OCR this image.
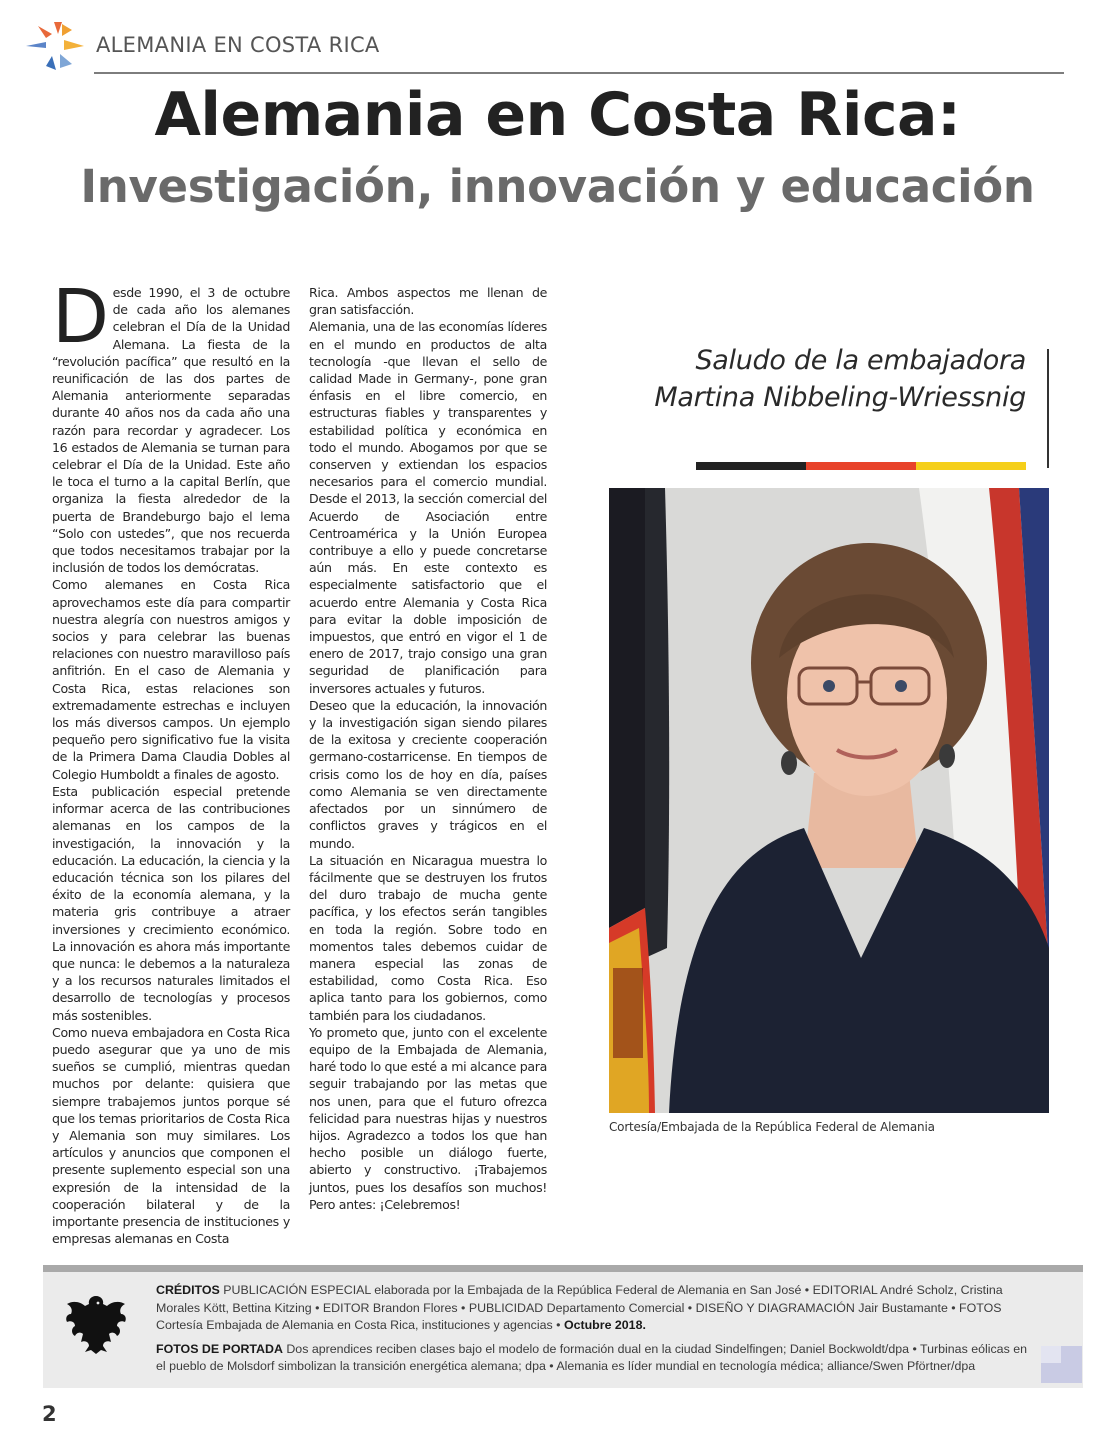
ALEMANIA EN COSTA RICA
Alemania en Costa Rica:
Investigación, innovación y educación

Desde 1990, el 3 de octubre de cada año los alemanes celebran el Día de la Unidad Alemana. La fiesta de la “revolución pacífica” que resultó en la reunificación de las dos partes de Alemania anteriormente separadas durante 40 años nos da cada año una razón para recordar y agradecer. Los 16 estados de Alemania se turnan para celebrar el Día de la Unidad. Este año le toca el turno a la capital Berlín, que organiza la fiesta alrededor de la puerta de Brandeburgo bajo el lema “Solo con ustedes”, que nos recuerda que todos necesitamos trabajar por la inclusión de todos los demócratas.

Como alemanes en Costa Rica aprovechamos este día para compartir nuestra alegría con nuestros amigos y socios y para celebrar las buenas relaciones con nuestro maravilloso país anfitrión. En el caso de Alemania y Costa Rica, estas relaciones son extremadamente estrechas e incluyen los más diversos campos. Un ejemplo pequeño pero significativo fue la visita de la Primera Dama Claudia Dobles al Colegio Humboldt a finales de agosto.

Esta publicación especial pretende informar acerca de las contribuciones alemanas en los campos de la investigación, la innovación y la educación. La educación, la ciencia y la educación técnica son los pilares del éxito de la economía alemana, y la materia gris contribuye a atraer inversiones y crecimiento económico. La innovación es ahora más importante que nunca: le debemos a la naturaleza y a los recursos naturales limitados el desarrollo de tecnologías y procesos más sostenibles.

Como nueva embajadora en Costa Rica puedo asegurar que ya uno de mis sueños se cumplió, mientras quedan muchos por delante: quisiera que siempre trabajemos juntos porque sé que los temas prioritarios de Costa Rica y Alemania son muy similares. Los artículos y anuncios que componen el presente suplemento especial son una expresión de la intensidad de la cooperación bilateral y de la importante presencia de instituciones y empresas alemanas en Costa

Rica. Ambos aspectos me llenan de gran satisfacción.

Alemania, una de las economías líderes en el mundo en productos de alta tecnología -que llevan el sello de calidad Made in Germany-, pone gran énfasis en el libre comercio, en estructuras fiables y transparentes y estabilidad política y económica en todo el mundo. Abogamos por que se conserven y extiendan los espacios necesarios para el comercio mundial. Desde el 2013, la sección comercial del Acuerdo de Asociación entre Centroamérica y la Unión Europea contribuye a ello y puede concretarse aún más. En este contexto es especialmente satisfactorio que el acuerdo entre Alemania y Costa Rica para evitar la doble imposición de impuestos, que entró en vigor el 1 de enero de 2017, trajo consigo una gran seguridad de planificación para inversores actuales y futuros.

Deseo que la educación, la innovación y la investigación sigan siendo pilares de la exitosa y creciente cooperación germano-costarricense. En tiempos de crisis como los de hoy en día, países como Alemania se ven directamente afectados por un sinnúmero de conflictos graves y trágicos en el mundo.

La situación en Nicaragua muestra lo fácilmente que se destruyen los frutos del duro trabajo de mucha gente pacífica, y los efectos serán tangibles en toda la región. Sobre todo en momentos tales debemos cuidar de manera especial las zonas de estabilidad, como Costa Rica. Eso aplica tanto para los gobiernos, como también para los ciudadanos.

Yo prometo que, junto con el excelente equipo de la Embajada de Alemania, haré todo lo que esté a mi alcance para seguir trabajando por las metas que nos unen, para que el futuro ofrezca felicidad para nuestras hijas y nuestros hijos. Agradezco a todos los que han hecho posible un diálogo fuerte, abierto y constructivo. ¡Trabajemos juntos, pues los desafíos son muchos! Pero antes: ¡Celebremos!

Saludo de la embajadora
Martina Nibbeling-Wriessnig
Cortesía/Embajada de la República Federal de Alemania

CRÉDITOS PUBLICACIÓN ESPECIAL elaborada por la Embajada de la República Federal de Alemania en San José • EDITORIAL André Scholz, Cristina Morales Kött, Bettina Kitzing • EDITOR Brandon Flores • PUBLICIDAD Departamento Comercial • DISEÑO Y DIAGRAMACIÓN Jair Bustamante • FOTOS Cortesía Embajada de Alemania en Costa Rica, instituciones y agencias • Octubre 2018.

FOTOS DE PORTADA Dos aprendices reciben clases bajo el modelo de formación dual en la ciudad Sindelfingen; Daniel Bockwoldt/dpa • Turbinas eólicas en el pueblo de Molsdorf simbolizan la transición energética alemana; dpa • Alemania es líder mundial en tecnología médica; alliance/Swen Pförtner/dpa

2
